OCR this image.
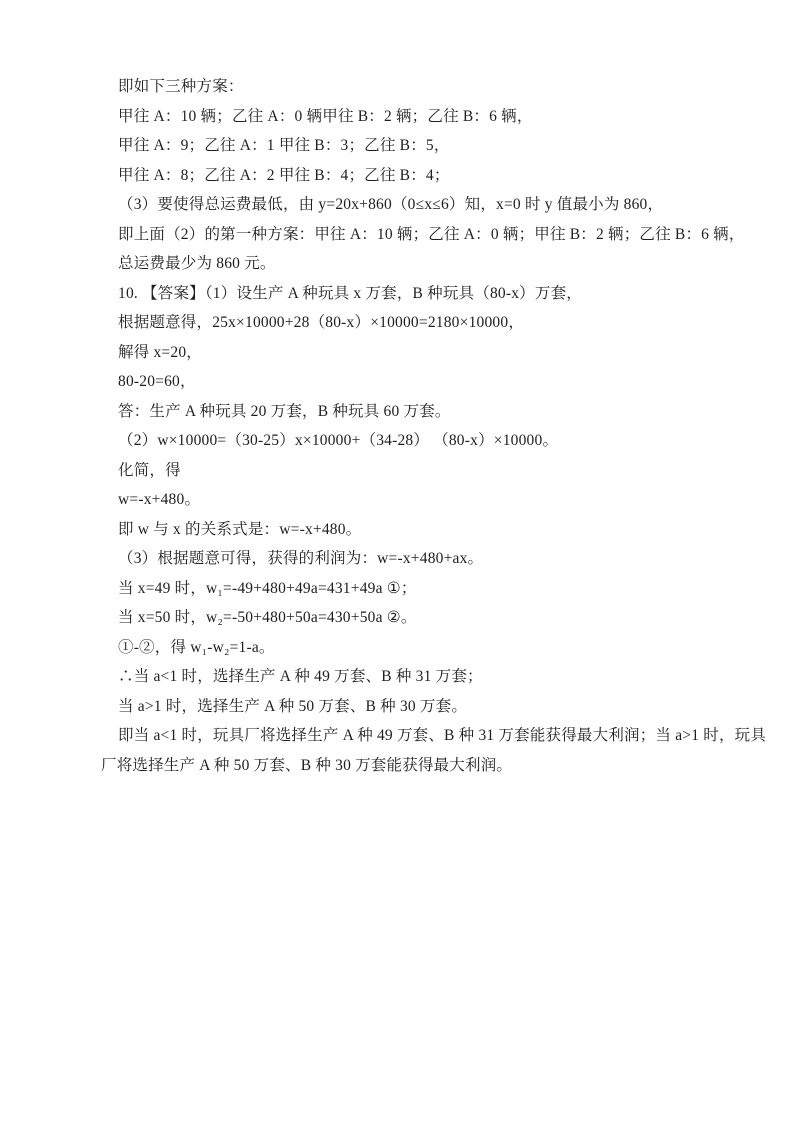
即如下三种方案：
甲往 A：10 辆；乙往 A：0 辆甲往 B：2 辆；乙往 B：6 辆，
甲往 A：9；乙往 A：1 甲往 B：3；乙往 B：5，
甲往 A：8；乙往 A：2 甲往 B：4；乙往 B：4；
（3）要使得总运费最低，由 y=20x+860（0≤x≤6）知，x=0 时 y 值最小为 860，
即上面（2）的第一种方案：甲往 A：10 辆；乙往 A：0 辆；甲往 B：2 辆；乙往 B：6 辆，
总运费最少为 860 元。
10. 【答案】（1）设生产 A 种玩具 x 万套，B 种玩具（80-x）万套，
根据题意得，25x×10000+28（80-x）×10000=2180×10000，
解得 x=20，
80-20=60，
答：生产 A 种玩具 20 万套，B 种玩具 60 万套。
（2）w×10000=（30-25）x×10000+（34-28） （80-x）×10000。
化简，得
w=-x+480。
即 w 与 x 的关系式是：w=-x+480。
（3）根据题意可得，获得的利润为：w=-x+480+ax。
当 x=49 时，w₁=-49+480+49a=431+49a ①；
当 x=50 时，w₂=-50+480+50a=430+50a ②。
①-②，得 w₁-w₂=1-a。
∴当 a<1 时，选择生产 A 种 49 万套、B 种 31 万套；
当 a>1 时，选择生产 A 种 50 万套、B 种 30 万套。
即当 a<1 时，玩具厂将选择生产 A 种 49 万套、B 种 31 万套能获得最大利润；当 a>1 时，玩具
厂将选择生产 A 种 50 万套、B 种 30 万套能获得最大利润。
